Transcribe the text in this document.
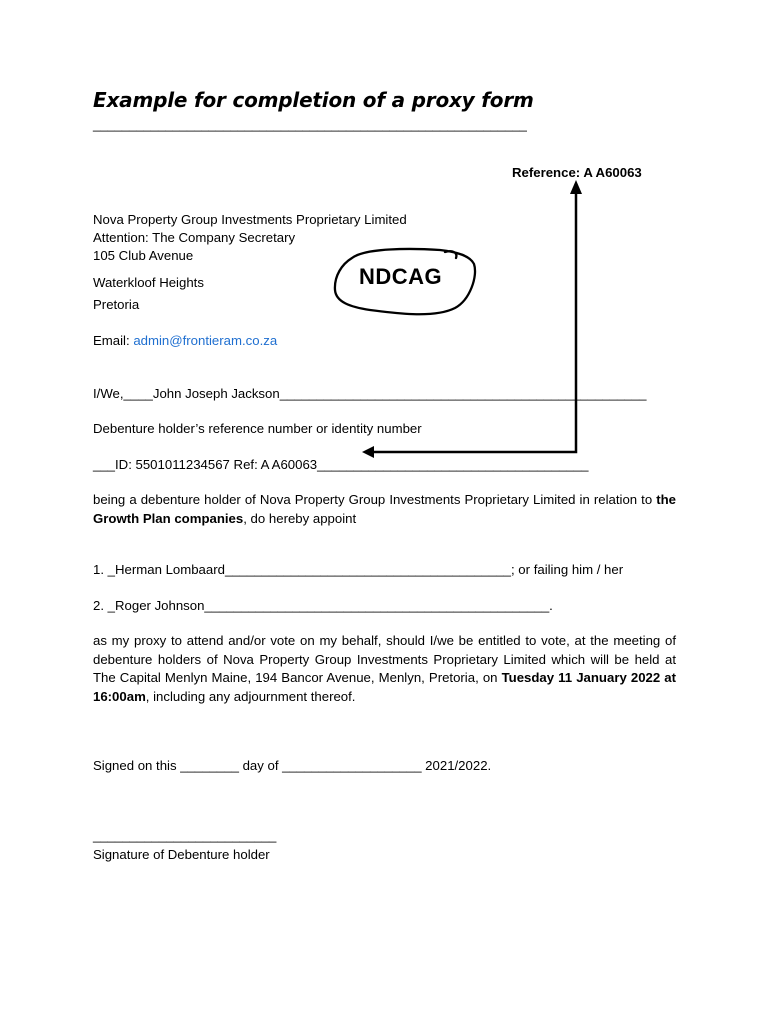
Example for completion of a proxy form
____________________________________________________________
Reference: A A60063
Nova Property Group Investments Proprietary Limited
Attention: The Company Secretary
105 Club Avenue
Waterkloof Heights
Pretoria
Email: admin@frontieram.co.za
NDCAG
I/We,____John Joseph Jackson__________________________________________________
Debenture holder’s reference number or identity number
___ID: 5501011234567 Ref: A A60063_____________________________________
being a debenture holder of Nova Property Group Investments Proprietary Limited in relation to the Growth Plan companies, do hereby appoint
1. _Herman Lombaard_______________________________________; or failing him / her
2. _Roger Johnson_______________________________________________.
as my proxy to attend and/or vote on my behalf, should I/we be entitled to vote, at the meeting of debenture holders of Nova Property Group Investments Proprietary Limited which will be held at The Capital Menlyn Maine, 194 Bancor Avenue, Menlyn, Pretoria, on Tuesday 11 January 2022 at 16:00am, including any adjournment thereof.
Signed on this ________ day of ___________________ 2021/2022.
_________________________
Signature of Debenture holder
